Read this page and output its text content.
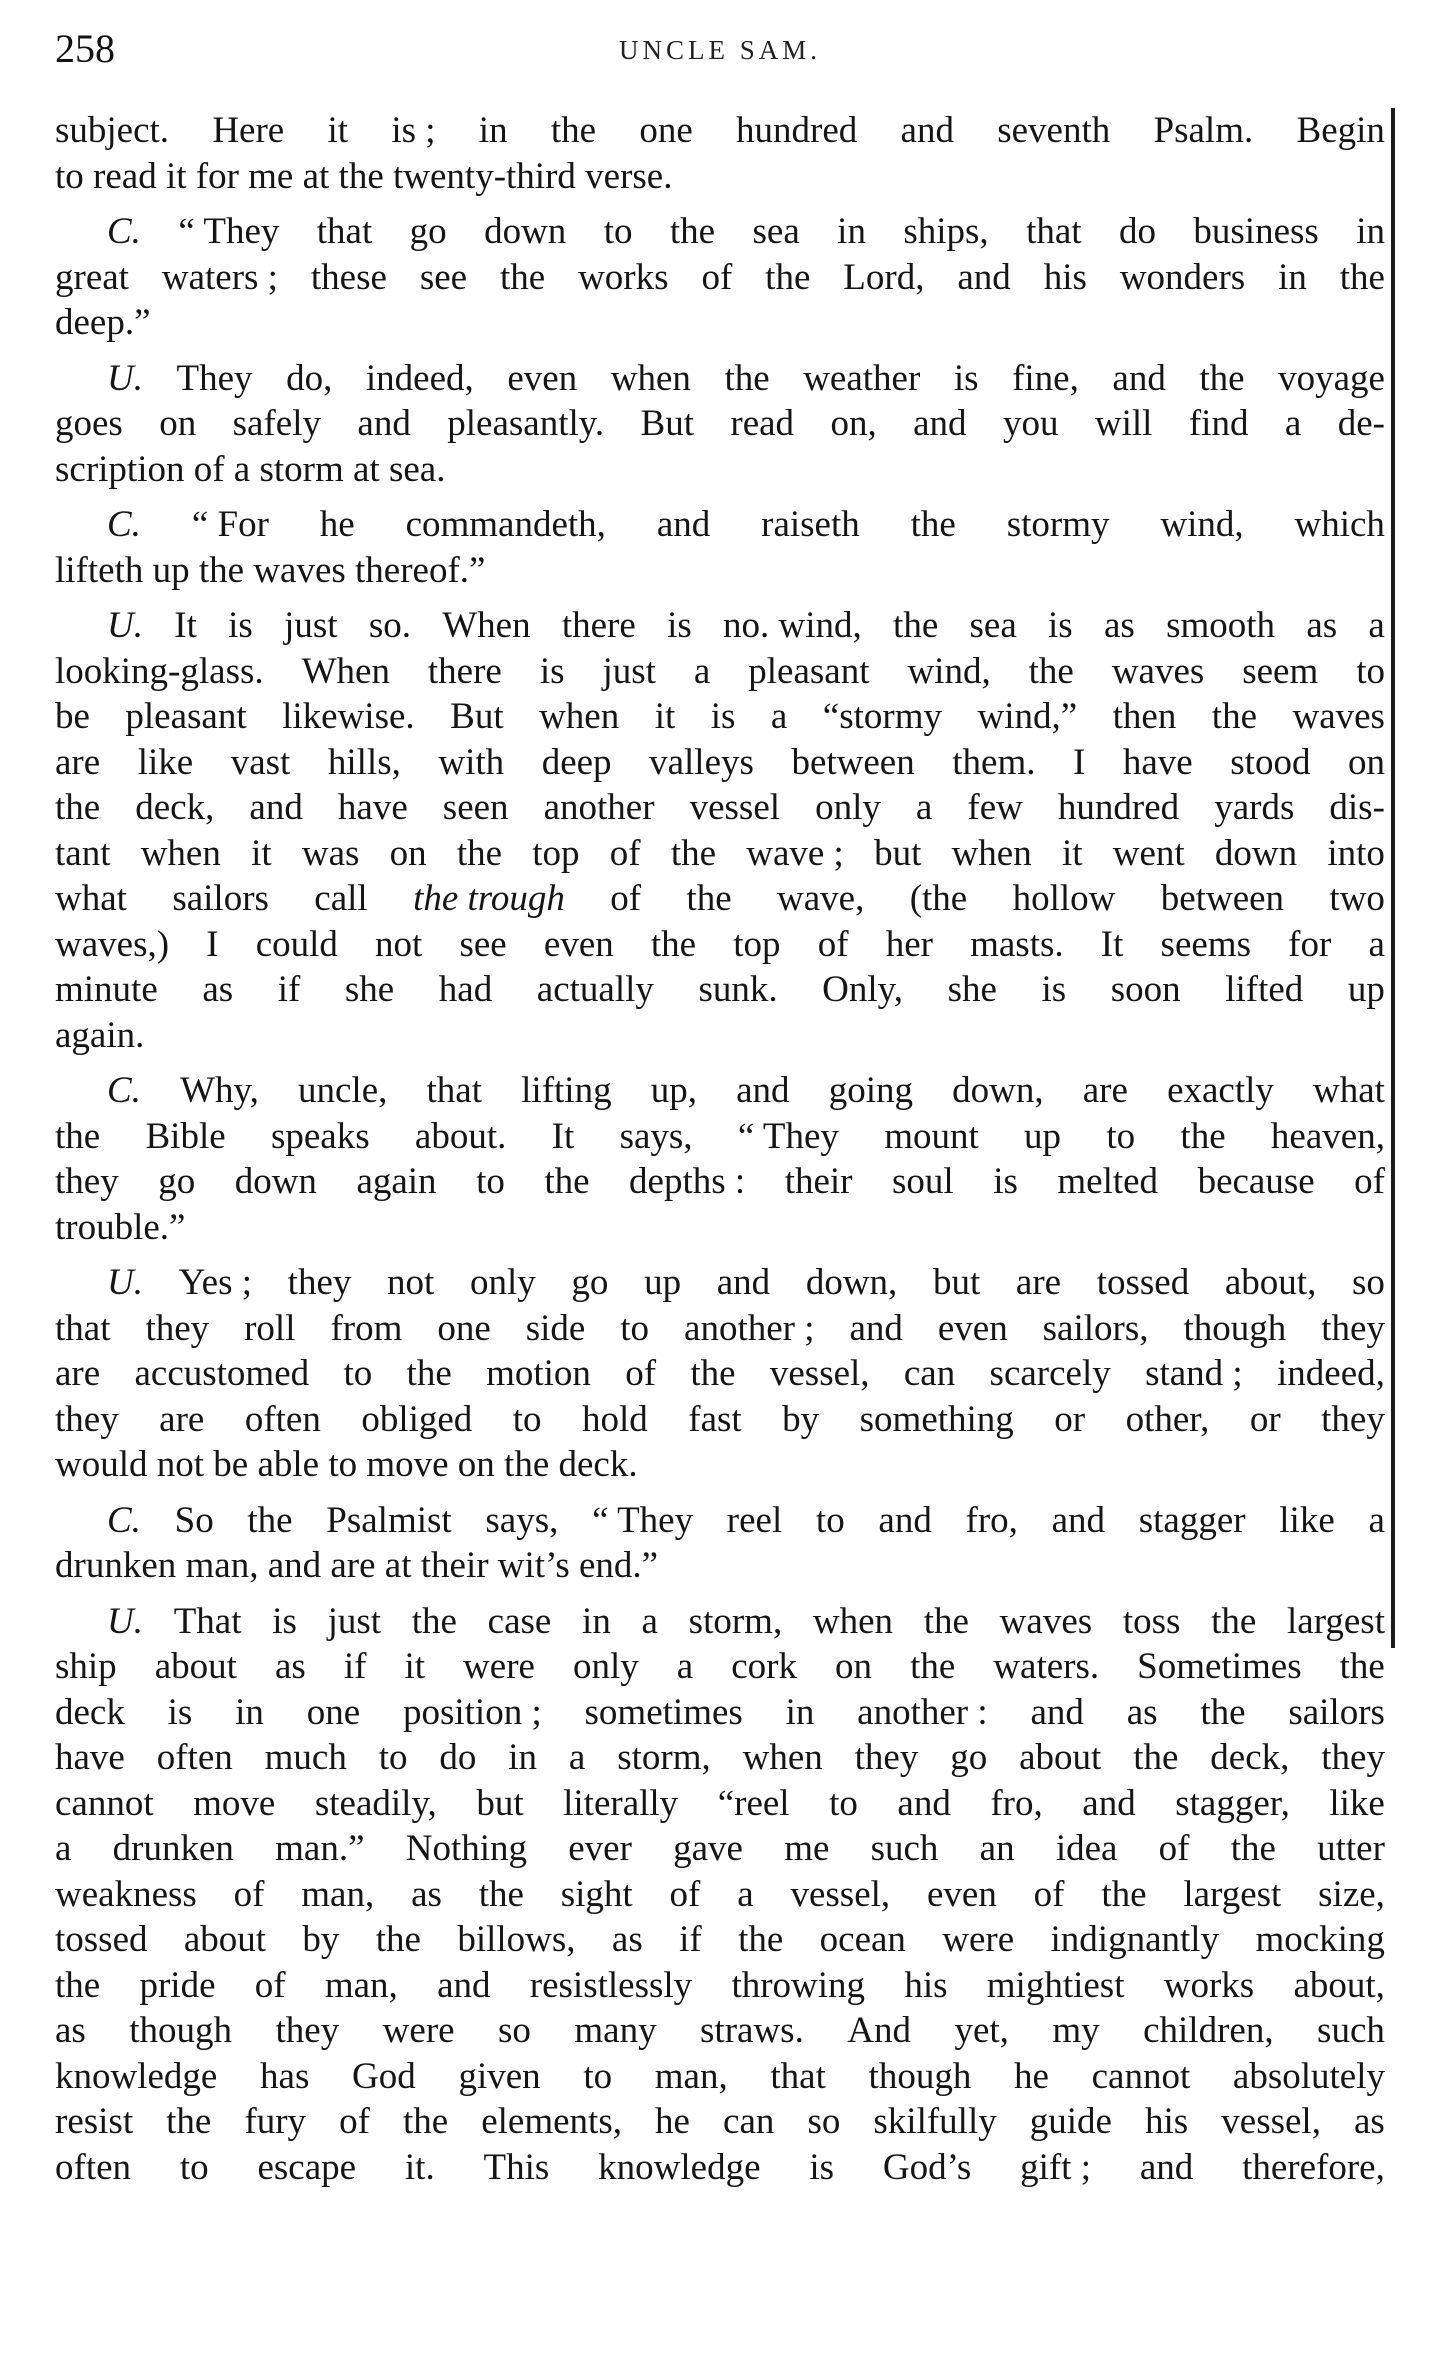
258	UNCLE SAM.
subject. Here it is ; in the one hundred and seventh Psalm. Begin
to read it for me at the twenty-third verse.
C. “ They that go down to the sea in ships, that do business in
great waters ; these see the works of the Lord, and his wonders in the
deep.”
U. They do, indeed, even when the weather is fine, and the voyage
goes on safely and pleasantly. But read on, and you will find a de-
scription of a storm at sea.
C. “ For he commandeth, and raiseth the stormy wind, which
lifteth up the waves thereof.”
U. It is just so. When there is no. wind, the sea is as smooth as a
looking-glass. When there is just a pleasant wind, the waves seem to
be pleasant likewise. But when it is a “stormy wind,” then the waves
are like vast hills, with deep valleys between them. I have stood on
the deck, and have seen another vessel only a few hundred yards dis-
tant when it was on the top of the wave ; but when it went down into
what sailors call the trough of the wave, (the hollow between two
waves,) I could not see even the top of her masts. It seems for a
minute as if she had actually sunk. Only, she is soon lifted up
again.
C. Why, uncle, that lifting up, and going down, are exactly what
the Bible speaks about. It says, “ They mount up to the heaven,
they go down again to the depths : their soul is melted because of
trouble.”
U. Yes ; they not only go up and down, but are tossed about, so
that they roll from one side to another ; and even sailors, though they
are accustomed to the motion of the vessel, can scarcely stand ; indeed,
they are often obliged to hold fast by something or other, or they
would not be able to move on the deck.
C. So the Psalmist says, “ They reel to and fro, and stagger like a
drunken man, and are at their wit’s end.”
U. That is just the case in a storm, when the waves toss the largest
ship about as if it were only a cork on the waters. Sometimes the
deck is in one position ; sometimes in another : and as the sailors
have often much to do in a storm, when they go about the deck, they
cannot move steadily, but literally “reel to and fro, and stagger, like
a drunken man.” Nothing ever gave me such an idea of the utter
weakness of man, as the sight of a vessel, even of the largest size,
tossed about by the billows, as if the ocean were indignantly mocking
the pride of man, and resistlessly throwing his mightiest works about,
as though they were so many straws. And yet, my children, such
knowledge has God given to man, that though he cannot absolutely
resist the fury of the elements, he can so skilfully guide his vessel, as
often to escape it. This knowledge is God’s gift ; and therefore,
